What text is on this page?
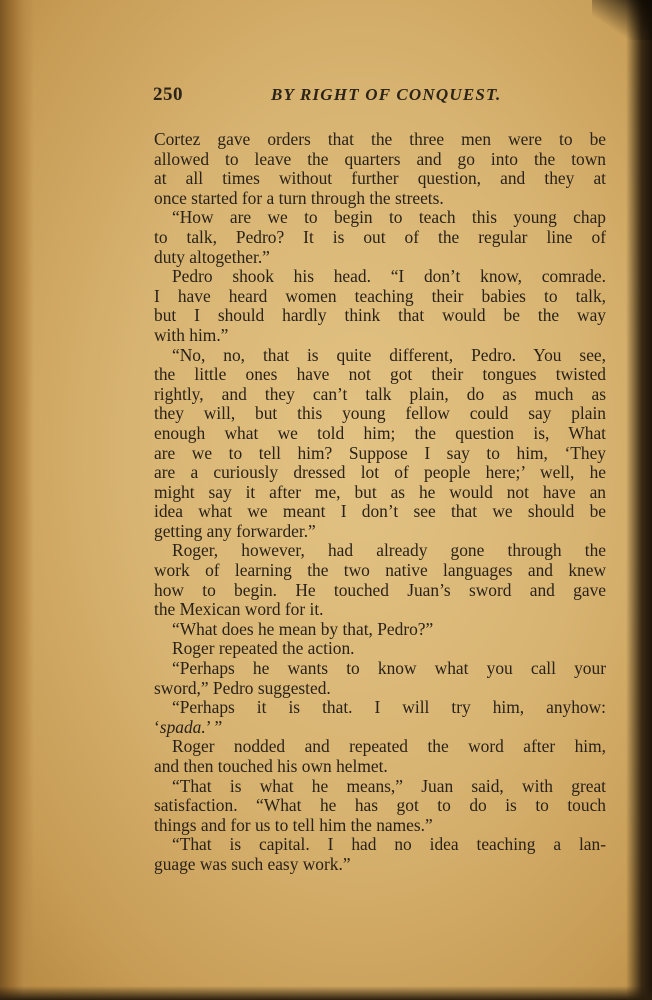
250	BY RIGHT OF CONQUEST.
Cortez gave orders that the three men were to be
allowed to leave the quarters and go into the town
at all times without further question, and they at
once started for a turn through the streets.
“How are we to begin to teach this young chap
to talk, Pedro? It is out of the regular line of
duty altogether.”
Pedro shook his head. “I don’t know, comrade.
I have heard women teaching their babies to talk,
but I should hardly think that would be the way
with him.”
“No, no, that is quite different, Pedro. You see,
the little ones have not got their tongues twisted
rightly, and they can’t talk plain, do as much as
they will, but this young fellow could say plain
enough what we told him; the question is, What
are we to tell him? Suppose I say to him, ‘They
are a curiously dressed lot of people here;’ well, he
might say it after me, but as he would not have an
idea what we meant I don’t see that we should be
getting any forwarder.”
Roger, however, had already gone through the
work of learning the two native languages and knew
how to begin. He touched Juan’s sword and gave
the Mexican word for it.
“What does he mean by that, Pedro?”
Roger repeated the action.
“Perhaps he wants to know what you call your
sword,” Pedro suggested.
“Perhaps it is that. I will try him, anyhow:
‘spada.’ ”
Roger nodded and repeated the word after him,
and then touched his own helmet.
“That is what he means,” Juan said, with great
satisfaction. “What he has got to do is to touch
things and for us to tell him the names.”
“That is capital. I had no idea teaching a lan-
guage was such easy work.”
